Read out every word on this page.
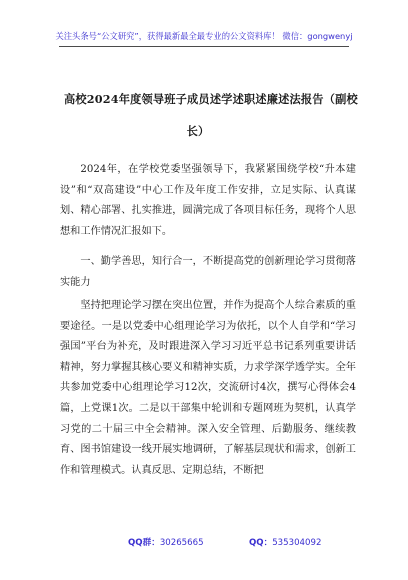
关注头条号“公文研究”，获得最新最全最专业的公文资料库！ 微信：gongwenyj
高校2024年度领导班子成员述学述职述廉述法报告（副校
长）

2024年，在学校党委坚强领导下，我紧紧围绕学校“升本建设”和“双高建设”中心工作及年度工作安排，立足实际、认真谋划、精心部署、扎实推进，圆满完成了各项目标任务，现将个人思想和工作情况汇报如下。

一、勤学善思，知行合一，不断提高党的创新理论学习贯彻落实能力

坚持把理论学习摆在突出位置，并作为提高个人综合素质的重要途径。一是以党委中心组理论学习为依托，以个人自学和“学习强国”平台为补充，及时跟进深入学习习近平总书记系列重要讲话精神，努力掌握其核心要义和精神实质，力求学深学透学实。全年共参加党委中心组理论学习12次，交流研讨4次，撰写心得体会4篇，上党课1次。二是以干部集中轮训和专题网班为契机，认真学习党的二十届三中全会精神。深入安全管理、后勤服务、继续教育、图书馆建设一线开展实地调研，了解基层现状和需求，创新工作和管理模式。认真反思、定期总结，不断把

QQ群：30265665	QQ：535304092
